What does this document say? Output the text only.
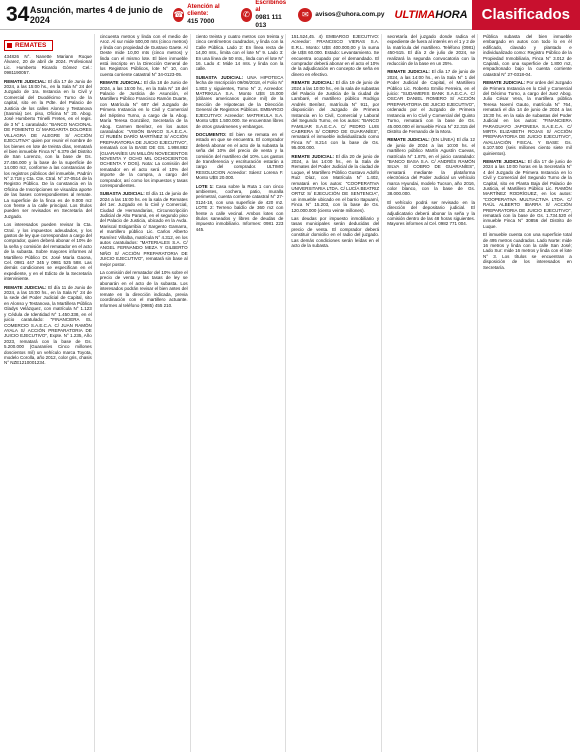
34 Asunción, martes 4 de junio de 2024	☎
Atención al cliente:
415 7000
✆
Escribinos al
0981 111 013
✉	avisos@uhora.com.py ULTIMAHORA Clasificados
REMATES

434826 N°. Nanette Mariann Roque Álvarez, 20 de abril de 2024. Profesional Lic. Humberto Ricardo Gómez Cel.: 0981190057.

REMATE JUDICIAL: El día 17 de Junio de 2024, a las 15:00 hs., en la Sala N° 24 del Juzgado de 1ra. Instancia en lo Civil y Comercial del Duodécimo Turno de la capital, sito en la Pdte. del Palacio de Justicia de los calles Alonso y Testanova (Sasmia) 1er. piso, Oficina N° 20. Abog. José Humberto Trinelli Fretes, en el regis. de 3 N° 1 caratulado: "BANCO NACIONAL DE FOMENTO C/ MARGARITA DOLORES VILLAGRA DE ALEGRE S/ ACCIÓN EJECUTIVA" quien por reunir el nombre de los bienes en lote de treinta días, rematará el bien inmueble Finca N° 6.379 del Distrito de San Lorenzo, con la base de Gs. 27.456.000 y la base de la superficie de 14.000 m2, conforme a las constancias de los registros públicos del inmueble, Padrón N° 2.718 y Cta. Cte. Ctral. N° 27-0514 de la Registro Público. De la constancia en la Oficina de Inscripciones se visualiza aporte de las bases correspondientes al remate. La superficie de la finca es de 9.000 m2 con frente a la calle principal. Los títulos pueden ser revisados en Secretaría del Juzgado.

Los interesados pueden revisar la Cta. Ctral. y los impuestos adeudados, y los gastos de ley que correspondan a cargo del comprador, quien deberá abonar el 10% de la seña y comisión del rematador en el acto de la subasta. Sobre mayores informes al Martillero Público Dr. José María Gaona, Cel. 0981 447 345 y 0981 525 588. Las demás condiciones se especifican en el expediente, y en el Edicto de la Secretaría interviniente.

REMATE JUDICIAL: El día 11 de Junio de 2024, a las 15:00 hs., en la Sala N° 24 de la sede del Poder Judicial de Capital, sito en Alonso y Testanova, la Martillera Pública Gladys Velázquez, con matrícula N° 1.123 y Cédula de Identidad N° 1.450.338, en el juicio caratulado: "FINANCIERA EL COMERCIO S.A.E.C.A. C/ JUAN RAMÓN AYALA S/ ACCIÓN PREPARATORIA DE JUICIO EJECUTIVO", Expte. N° 1.235, Año 2023, rematará con la base de Gs. 5.200.000 (Guaraníes Cinco millones doscientos mil) un vehículo marca Toyota, modelo Corolla, año 2012, color gris, chasis N° NZE1210001234.

cincuenta metros y linda con el medio de Aroz. Al sur mide 500,00 mts (cinco metros) y linda con propiedad de Gustavo Gaete. Al Oeste mide 10,00 mts (cinco metros) y linda con el mismo lote. El bien inmueble está inscripto en la Dirección General de los Registros Públicos, lote N° 10, con cuenta corriente catastral N° 34-0123-05.

REMATE JUDICIAL: El día 18 de Junio de 2024, a las 15:00 hs., en la Sala N° 18 del Palacio de Justicia de Asunción, el Martillero Público Francisco Ramón Duarte, con Matrícula N° 687 del Juzgado de Primera Instancia en lo Civil y Comercial del Séptimo Turno, a cargo de la Abog. María Teresa González, Secretaría de la Abog. Carmen Benítez, en los autos caratulados: "VISIÓN BANCO S.A.E.C.A. C/ RUBÉN DARÍO MARTÍNEZ S/ ACCIÓN PREPARATORIA DE JUICIO EJECUTIVO", rematará con la BASE DE GS. 1.998.882 (GUARANÍES UN MILLÓN NOVECIENTOS NOVENTA Y OCHO MIL OCHOCIENTOS OCHENTA Y DOS). Nota: La comisión del rematador en el acto será el 10% del importe de la compra, a cargo del comprador, así como los impuestos y tasas correspondientes.

SUBASTA JUDICIAL: El día 11 de junio de 2024 a las 15:00 hs. en la sala de Remates del 1er. Juzgado en lo Civil y Comercial, Ciudad de Hernandarias, Circunscripción Judicial de Alto Paraná, en el segundo piso del Palacio de Justicia, ubicado en la Avda. Mariscal Estigarribia c/ Sargento Gamarra, el martillero público Lic. Carlos Alberto Ramírez Villalba, matrícula N° 4.312, en los autos caratulados: "MATERIALES S.A. C/ ANGEL FERNANDO MEZA Y GILBERTO NIÑO S/ ACCIÓN PREPARATORIA DE JUICIO EJECUTIVO", rematará sin base al mejor postor.

La comisión del rematador del 10% sobre el precio de venta y las tasas de ley se abonarán en el acto de la subasta. Los interesados podrán revisar el bien antes del remate en la dirección indicada, previa coordinación con el martillero actuante. Informes al teléfono (0985) 455 210.

ciento treinta y cuatro metros con treinta y cinco centímetros cuadrados, y linda con la Calle Pública. Lado 2: En línea recta de 14,00 mts., limita con el lote N° 9. Lado 3: En una línea de 50 mts., linda con el lote N° 16. Lado 4: Mide 14 mts. y linda con la calle.

SUBASTA JUDICIAL: UNA HIPOTECA fecha de Inscripción 09/06/2018, el Folio N° 1.803 y siguientes, Tomo N° 2, Acreedor: MATRIKULA S.A. Monto U$S 15.000 (dólares americanos quince mil) de la Sección de Hipotecas de la Dirección General de Registros Públicos. EMBARGO EJECUTIVO: Acreedor: MATRIKULA S.A. Monto U$S 1.500.000. Se encuentran libres de otros gravámenes y embargos.

DOCUMENTO: El bien se remata en el estado en que se encuentra. El comprador deberá abonar en el acto de la subasta la seña del 10% del precio de venta y la comisión del martillero del 10%. Los gastos de transferencia y escrituración estarán a cargo del comprador. ULTIMO RESOLUCION Acreedor: Sáenz Lorena F. Monto U$S 20.000.

LOTE 1: Casa sobre la Ruta 1 con cinco ambientes, cochera, patio, muralla perimetral, cuenta corriente catastral N° 27-0124-18, con una superficie de 420 m2. LOTE 2: Terreno baldío de 360 m2 con frente a calle vecinal. Ambos lotes con títulos saneados y libres de deudas de impuesto inmobiliario. Informes: 0981 223 445.

151.524,45. 4) EMBARGO EJECUTIVO: Acreedor: FRANCISCO VIERAS S.A. E.R.L. Monto: U$S 400.000,00 y la suma de U$S 60.000. Estado: Levantamiento. Se encuentra ocupado por el demandado. El comprador deberá abonar en el acto el 10% de la adjudicación en concepto de seña en dinero en efectivo.

REMATE JUDICIAL: El día 19 de junio de 2024 a las 10:00 hs., en la sala de subastas del Palacio de Justicia de la ciudad de Lambaré, el martillero público Rodrigo Andrés Benítez, matrícula N° 911, por disposición del Juzgado de Primera Instancia en lo Civil, Comercial y Laboral del Segundo Turno, en los autos: "BANCO FAMILIAR S.A.E.C.A. C/ PEDRO LUIS CABRERA S/ COBRO DE GUARANÍES", rematará el inmueble individualizado como Finca N° 8.214 con la base de Gs. 95.000.000.

REMATE JUDICIAL: El día 20 de junio de 2024, a las 14:00 hs., en la Sala de Remates del Poder Judicial de la ciudad de Luque, el Martillero Público Gustavo Adolfo Ruiz Díaz, con Matrícula N° 1.402, rematará en los autos: "COOPERATIVA UNIVERSITARIA LTDA. C/ LUCÍA BEATRIZ ORTIZ S/ EJECUCIÓN DE SENTENCIA", un inmueble ubicado en el barrio Itapuamí, Finca N° 15.203, con la base de Gs. 120.000.000 (ciento veinte millones).

Las deudas por impuesto inmobiliario y tasas municipales serán deducidas del precio de venta. El comprador deberá constituir domicilio en el radio del juzgado. Las demás condiciones serán leídas en el acto de la subasta.

secretaría del juzgado donde radica el expediente de fuera al interés en el 1 y 2 de la matrícula del martillero. Teléfono (0981) 450-515. El día 2 de julio de 2024, se realizará la segunda convocatoria con la reducción de la base en un 25%.

REMATE JUDICIAL: El día 17 de junio de 2024, a las 14:00 hs., en la Sala N° 1 del Poder Judicial de Capital, el Martillero Público Lic. Roberto Emilio Ferreira, en el juicio: "SUDAMERIS BANK S.A.E.C.A. C/ OSCAR DANIEL ROMERO S/ ACCIÓN PREPARATORIA DE JUICIO EJECUTIVO", ordenado por el Juzgado de Primera Instancia en lo Civil y Comercial del Quinto Turno, rematará con la base de Gs. 45.000.000 el inmueble Finca N° 22.315 del Distrito de Fernando de la Mora.

REMATE JUDICIAL: (EN LÍNEA) El día 12 de junio de 2024 a las 10:00 hs. el martillero público Martín Agustín Cuevas, matrícula N° 1.875, en el juicio caratulado: "BANCO BASA S.A. C/ ANDRÉS RAMÓN SILVA S/ COBRO DE GUARANÍES", rematará mediante la plataforma electrónica del Poder Judicial un vehículo marca Hyundai, modelo Tucson, año 2016, color blanco, con la base de Gs. 38.000.000.

El vehículo podrá ser revisado en la dirección del depositario judicial. El adjudicatario deberá abonar la seña y la comisión dentro de las 48 horas siguientes. Mayores informes al Cel. 0982 771 004.

Pública subasta del bien inmueble embargado en autos con todo lo en él edificado, clavado y plantado e individualizado como: Registro Público de la Propiedad Inmobiliaria, Finca N° 3.012 de Capiatá, con una superficie de 1.800 m2, empadronado bajo la cuenta corriente catastral N° 27-0318-04.

REMATE JUDICIAL: Por orden del Juzgado de Primera Instancia en lo Civil y Comercial del Décimo Turno, a cargo del Juez Abog. Julio César Vera, la martillera pública Teresa Noemí Gauto, matrícula N° 764, rematará el día 14 de junio de 2024 a las 15:30 hs. en la sala de subastas del Poder Judicial en los autos: "FINANCIERA PARAGUAYO JAPONESA S.A.E.C.A. C/ MIRTA ELIZABETH ROJAS S/ ACCIÓN PREPARATORIA DE JUICIO EJECUTIVO", AVALUACIÓN FISCAL Y BASE: Gs. 6.107.500 (seis millones ciento siete mil quinientos).

REMATE JUDICIAL: El día 17 de junio de 2024 a las 10:00 horas en la Secretaría N° 4 del Juzgado de Primera Instancia en lo Civil y Comercial del Segundo Turno de la Capital, sito en Planta Baja del Palacio de Justicia, el Martillero Público Lic. RAMÓN MARTÍNEZ RODRÍGUEZ, en los autos: "COOPERATIVA MULTIACTIVA LTDA. C/ RAÚL ALBERTO IBARRA S/ ACCIÓN PREPARATORIA DE JUICIO EJECUTIVO", rematará con la base de Gs. 1.734.520 el inmueble Finca N° 30856 del Distrito de Luque.

El inmueble cuenta con una superficie total de 495 metros cuadrados. Lado Norte: mide 16 metros y linda con la calle San José; Lado Sur: mide 16 metros y linda con el lote N° 3. Los títulos se encuentran a disposición de los interesados en Secretaría.
